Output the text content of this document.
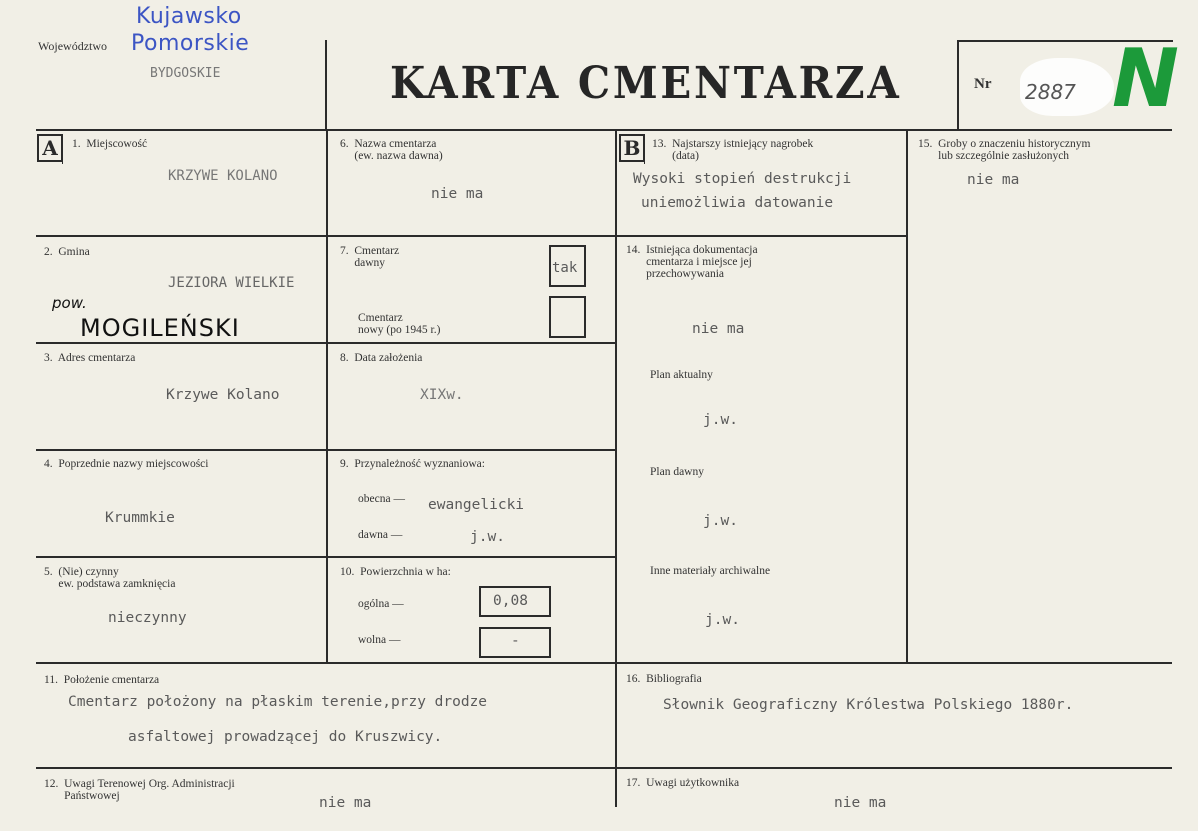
Województwo
Kujawsko
Pomorskie
BYDGOSKIE	KARTA CMENTARZA	Nr 2887 N
A	1.  Miejscowość
KRZYWE KOLANO
2.  Gmina
JEZIORA WIELKIE
pow.
MOGILEŃSKI
3.  Adres cmentarza
Krzywe Kolano
4.  Poprzednie nazwy miejscowości
Krummkie
5.  (Nie) czynny
ew. podstawa zamknięcia
nieczynny
6.  Nazwa cmentarza
(ew. nazwa dawna)
nie ma
7.  Cmentarz
dawny	tak
Cmentarz
nowy (po 1945 r.)
8.  Data założenia
XIXw.
9.  Przynależność wyznaniowa:
obecna — ewangelicki
dawna —	j.w.
10.  Powierzchnia w ha:
ogólna —	0,08
wolna —	-
B	13.  Najstarszy istniejący nagrobek
(data)
Wysoki stopień destrukcji
uniemożliwia datowanie
14.  Istniejąca dokumentacja
cmentarza i miejsce jej
przechowywania
nie ma
Plan aktualny
j.w.
Plan dawny
j.w.
Inne materiały archiwalne
j.w.
15.  Groby o znaczeniu historycznym
lub szczególnie zasłużonych
nie ma
11.  Położenie cmentarza
Cmentarz położony na płaskim terenie,przy drodze
asfaltowej prowadzącej do Kruszwicy.
16.  Bibliografia
Słownik Geograficzny Królestwa Polskiego 1880r.
12.  Uwagi Terenowej Org. Administracji
Państwowej	nie ma
17.  Uwagi użytkownika
nie ma
